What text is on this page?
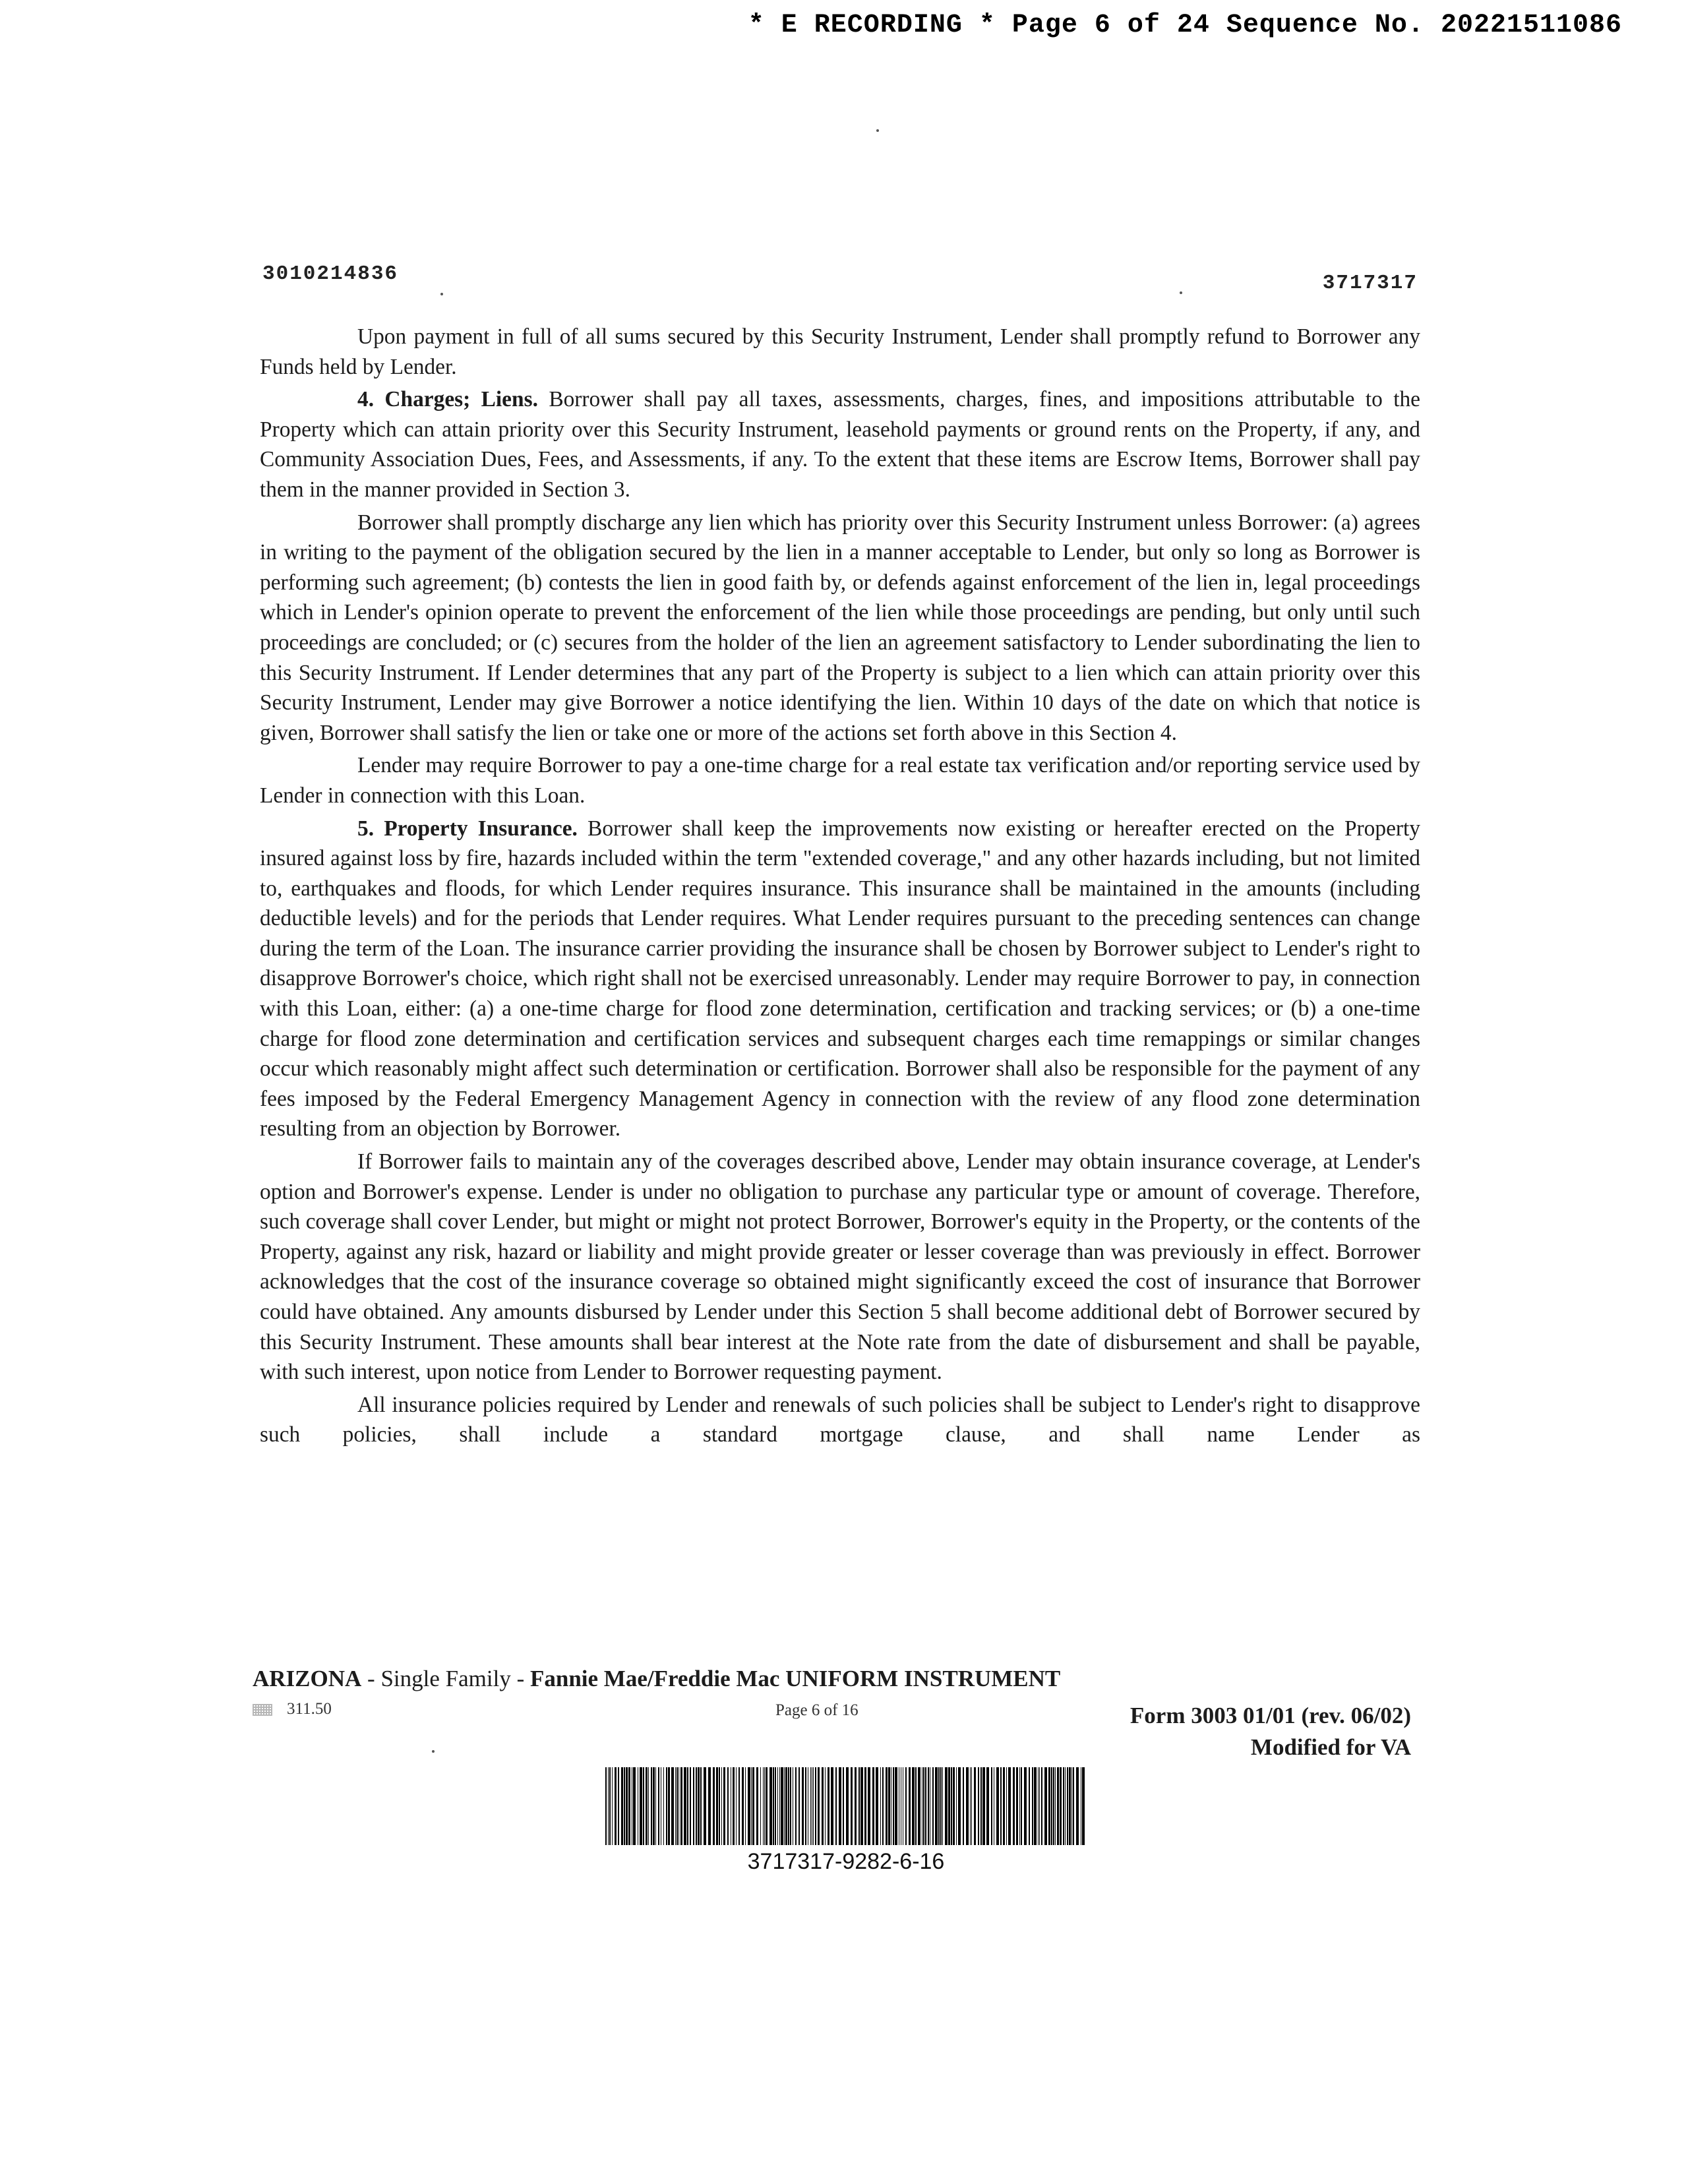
* E RECORDING * Page 6 of 24 Sequence No. 20221511086
3010214836	3717317

Upon payment in full of all sums secured by this Security Instrument, Lender shall promptly refund to Borrower any Funds held by Lender.

4. Charges; Liens. Borrower shall pay all taxes, assessments, charges, fines, and impositions attributable to the Property which can attain priority over this Security Instrument, leasehold payments or ground rents on the Property, if any, and Community Association Dues, Fees, and Assessments, if any. To the extent that these items are Escrow Items, Borrower shall pay them in the manner provided in Section 3.

Borrower shall promptly discharge any lien which has priority over this Security Instrument unless Borrower: (a) agrees in writing to the payment of the obligation secured by the lien in a manner acceptable to Lender, but only so long as Borrower is performing such agreement; (b) contests the lien in good faith by, or defends against enforcement of the lien in, legal proceedings which in Lender's opinion operate to prevent the enforcement of the lien while those proceedings are pending, but only until such proceedings are concluded; or (c) secures from the holder of the lien an agreement satisfactory to Lender subordinating the lien to this Security Instrument. If Lender determines that any part of the Property is subject to a lien which can attain priority over this Security Instrument, Lender may give Borrower a notice identifying the lien. Within 10 days of the date on which that notice is given, Borrower shall satisfy the lien or take one or more of the actions set forth above in this Section 4.

Lender may require Borrower to pay a one-time charge for a real estate tax verification and/or reporting service used by Lender in connection with this Loan.

5. Property Insurance. Borrower shall keep the improvements now existing or hereafter erected on the Property insured against loss by fire, hazards included within the term "extended coverage," and any other hazards including, but not limited to, earthquakes and floods, for which Lender requires insurance. This insurance shall be maintained in the amounts (including deductible levels) and for the periods that Lender requires. What Lender requires pursuant to the preceding sentences can change during the term of the Loan. The insurance carrier providing the insurance shall be chosen by Borrower subject to Lender's right to disapprove Borrower's choice, which right shall not be exercised unreasonably. Lender may require Borrower to pay, in connection with this Loan, either: (a) a one-time charge for flood zone determination, certification and tracking services; or (b) a one-time charge for flood zone determination and certification services and subsequent charges each time remappings or similar changes occur which reasonably might affect such determination or certification. Borrower shall also be responsible for the payment of any fees imposed by the Federal Emergency Management Agency in connection with the review of any flood zone determination resulting from an objection by Borrower.

If Borrower fails to maintain any of the coverages described above, Lender may obtain insurance coverage, at Lender's option and Borrower's expense. Lender is under no obligation to purchase any particular type or amount of coverage. Therefore, such coverage shall cover Lender, but might or might not protect Borrower, Borrower's equity in the Property, or the contents of the Property, against any risk, hazard or liability and might provide greater or lesser coverage than was previously in effect. Borrower acknowledges that the cost of the insurance coverage so obtained might significantly exceed the cost of insurance that Borrower could have obtained. Any amounts disbursed by Lender under this Section 5 shall become additional debt of Borrower secured by this Security Instrument. These amounts shall bear interest at the Note rate from the date of disbursement and shall be payable, with such interest, upon notice from Lender to Borrower requesting payment.

All insurance policies required by Lender and renewals of such policies shall be subject to Lender's right to disapprove such policies, shall include a standard mortgage clause, and shall name Lender as

ARIZONA - Single Family - Fannie Mae/Freddie Mac UNIFORM INSTRUMENT
311.50	Page 6 of 16	Form 3003 01/01 (rev. 06/02)
Modified for VA
3717317-9282-6-16
